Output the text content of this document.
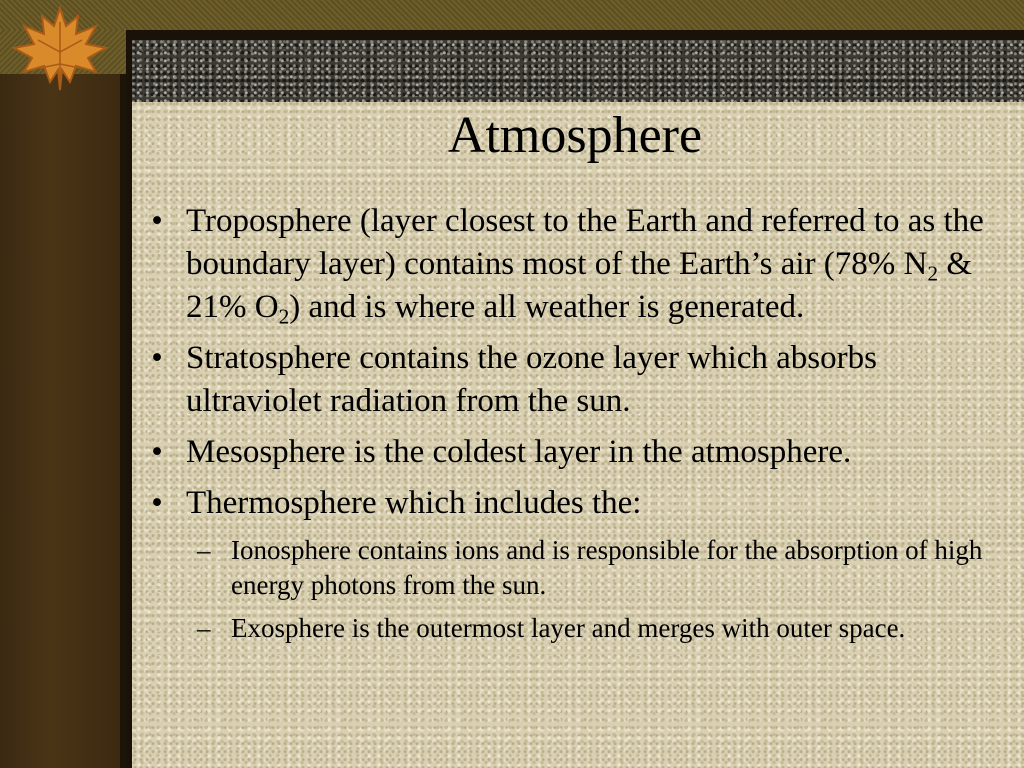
Atmosphere
• Troposphere (layer closest to the Earth and referred to as the boundary layer) contains most of the Earth’s air (78% $N_2$ & 21% $O_2$) and is where all weather is generated.
• Stratosphere contains the ozone layer which absorbs ultraviolet radiation from the sun.
• Mesosphere is the coldest layer in the atmosphere.
• Thermosphere which includes the:
– Ionosphere contains ions and is responsible for the absorption of high energy photons from the sun.
– Exosphere is the outermost layer and merges with outer space.
